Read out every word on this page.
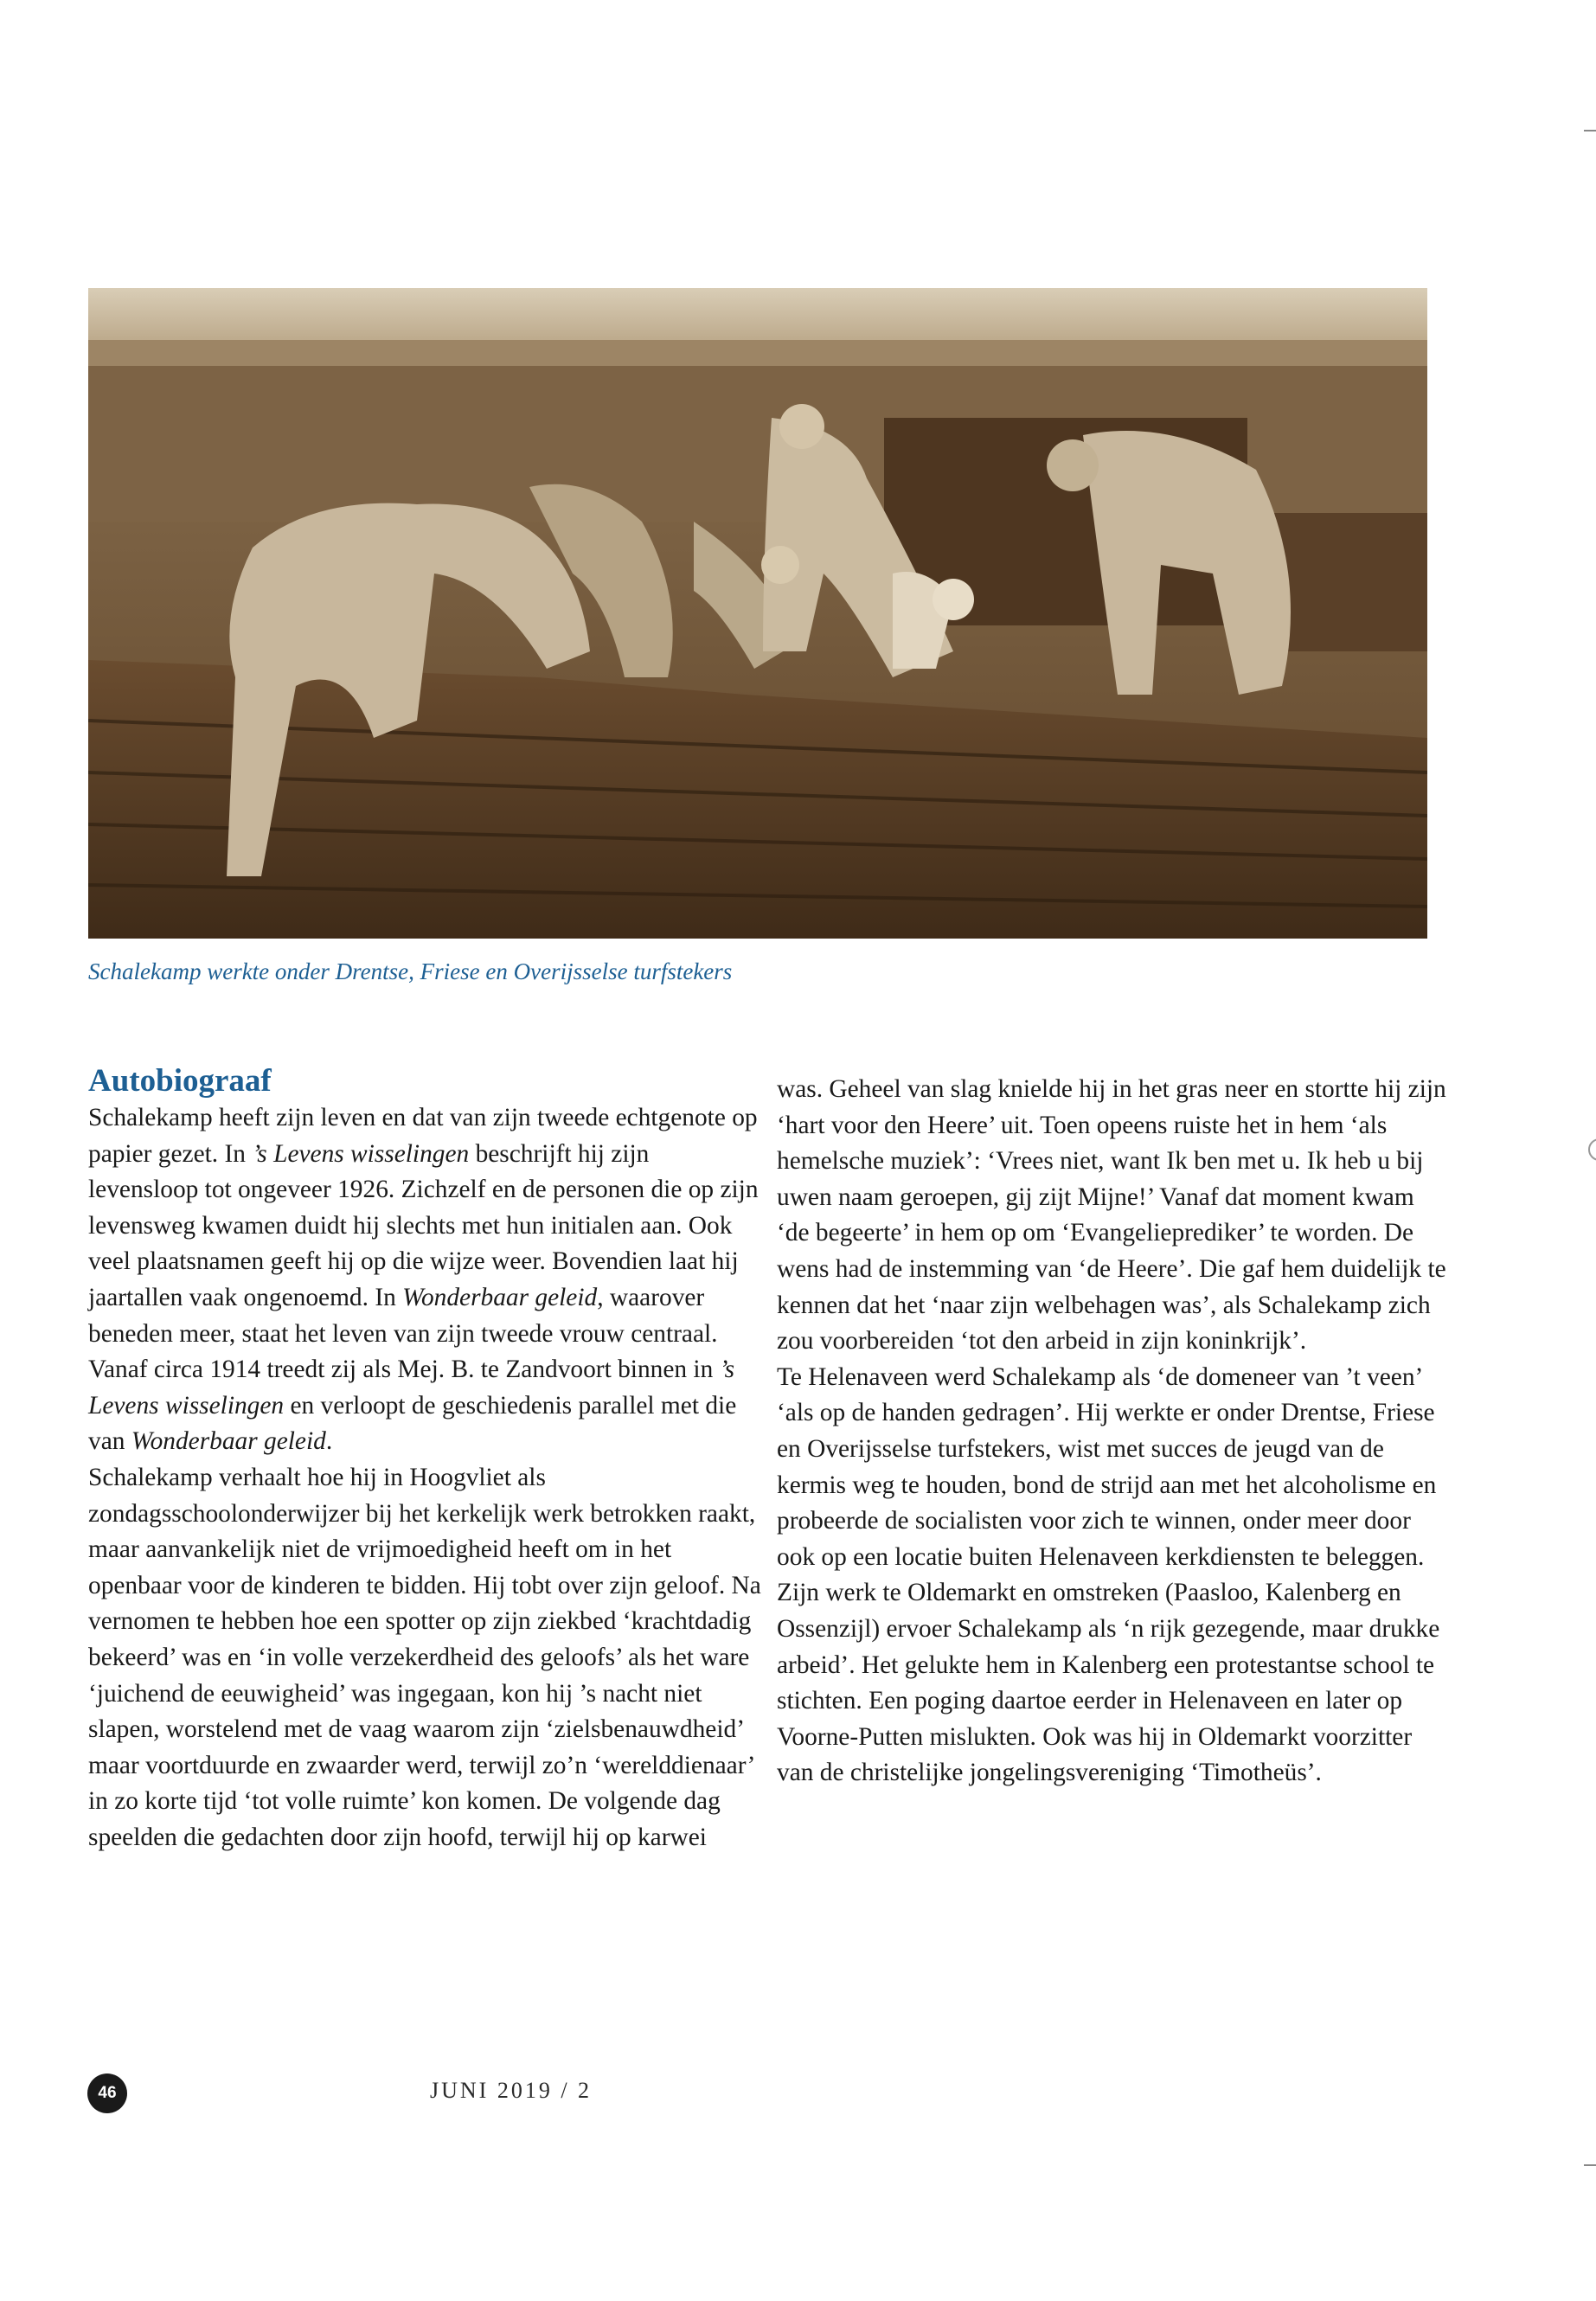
Schalekamp werkte onder Drentse, Friese en Overijsselse turfstekers
Autobiograaf

Schalekamp heeft zijn leven en dat van zijn tweede echtgenote op papier gezet. In ’s Levens wisselingen beschrijft hij zijn levensloop tot ongeveer 1926. Zichzelf en de personen die op zijn levensweg kwamen duidt hij slechts met hun initialen aan. Ook veel plaatsnamen geeft hij op die wijze weer. Bovendien laat hij jaartallen vaak ongenoemd. In Wonderbaar geleid, waarover beneden meer, staat het leven van zijn tweede vrouw centraal. Vanaf circa 1914 treedt zij als Mej. B. te Zandvoort binnen in ’s Levens wisselingen en verloopt de geschiedenis parallel met die van Wonderbaar geleid.

Schalekamp verhaalt hoe hij in Hoogvliet als zondagsschoolonderwijzer bij het kerkelijk werk betrokken raakt, maar aanvankelijk niet de vrijmoedigheid heeft om in het openbaar voor de kinderen te bidden. Hij tobt over zijn geloof. Na vernomen te hebben hoe een spotter op zijn ziekbed ‘krachtdadig bekeerd’ was en ‘in volle verzekerdheid des geloofs’ als het ware ‘juichend de eeuwigheid’ was ingegaan, kon hij ’s nacht niet slapen, worstelend met de vaag waarom zijn ‘zielsbenauwdheid’ maar voortduurde en zwaarder werd, terwijl zo’n ‘werelddienaar’ in zo korte tijd ‘tot volle ruimte’ kon komen. De volgende dag speelden die gedachten door zijn hoofd, terwijl hij op karwei

was. Geheel van slag knielde hij in het gras neer en stortte hij zijn ‘hart voor den Heere’ uit. Toen opeens ruiste het in hem ‘als hemelsche muziek’: ‘Vrees niet, want Ik ben met u. Ik heb u bij uwen naam geroepen, gij zijt Mijne!’ Vanaf dat moment kwam ‘de begeerte’ in hem op om ‘Evangelieprediker’ te worden. De wens had de instemming van ‘de Heere’. Die gaf hem duidelijk te kennen dat het ‘naar zijn welbehagen was’, als Schalekamp zich zou voorbereiden ‘tot den arbeid in zijn koninkrijk’.

Te Helenaveen werd Schalekamp als ‘de domeneer van ’t veen’ ‘als op de handen gedragen’. Hij werkte er onder Drentse, Friese en Overijsselse turfstekers, wist met succes de jeugd van de kermis weg te houden, bond de strijd aan met het alcoholisme en probeerde de socialisten voor zich te winnen, onder meer door ook op een locatie buiten Helenaveen kerkdiensten te beleggen.

Zijn werk te Oldemarkt en omstreken (Paasloo, Kalenberg en Ossenzijl) ervoer Schalekamp als ‘n rijk gezegende, maar drukke arbeid’. Het gelukte hem in Kalenberg een protestantse school te stichten. Een poging daartoe eerder in Helenaveen en later op Voorne-Putten mislukten. Ook was hij in Oldemarkt voorzitter van de christelijke jongelingsvereniging ‘Timotheüs’.

46	JUNI 2019 / 2
